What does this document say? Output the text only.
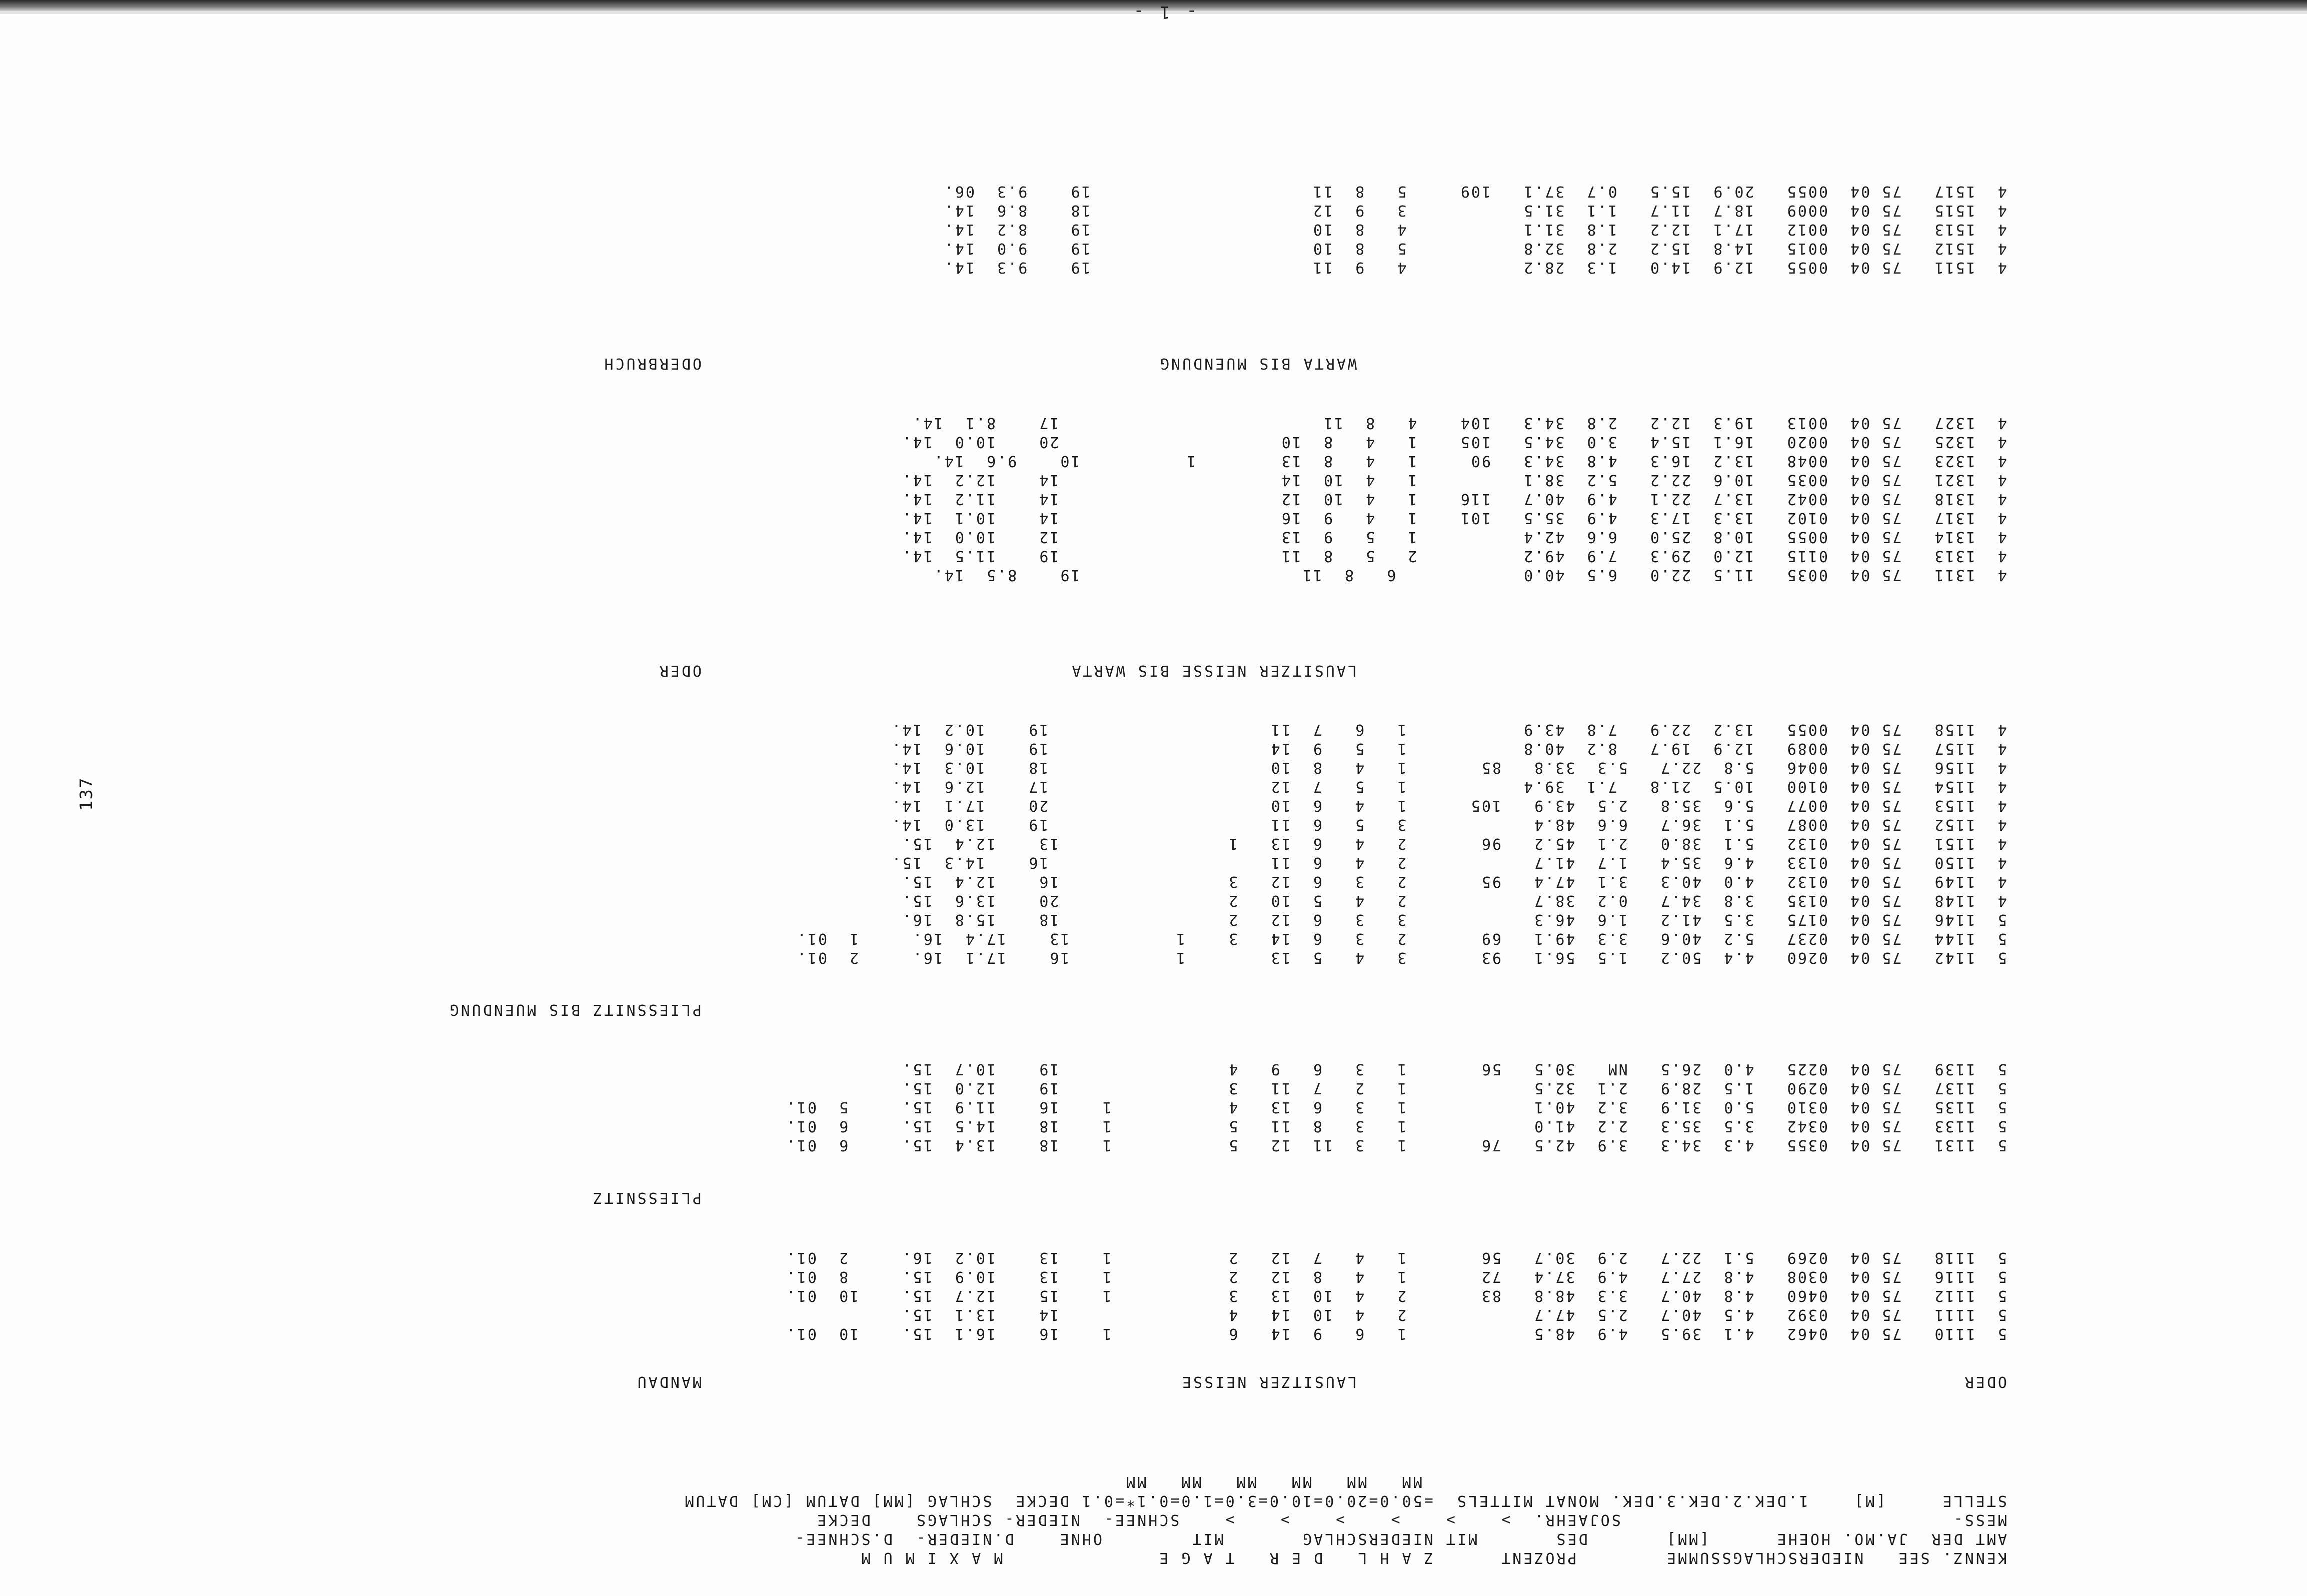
- 1 -
KENNZ. SEE   NIEDERSCHLAGSSUMME        PROZENT      Z A H L   D E R   T A G E              M A X I M U M
AMT DER  JA.MO. HOEHE      [MM]       DES       MIT NIEDERSCHLAG       MIT        OHNE    D.NIEDER-  D.SCHNEE-
MESS-                              SOJAEHR.  >    >    >    >    >    >    SCHNEE-  NIEDER- SCHLAGS    DECKE
STELLE     [M]    1.DEK.2.DEK.3.DEK. MONAT MITTELS  =50.0=20.0=10.0=3.0=1.0=0.1*=0.1 DECKE  SCHLAG [MM] DATUM [CM] DATUM
MM   MM   MM   MM   MM   MM
ODER
LAUSITZER NEISSE
MANDAU
5  1110   75 04  0462   4.1  39.5   4.9  48.5            1   6   9  14   6           1    16    16.1  15.    10  01.
5  1111   75 04  0392   4.5  40.7   2.5  47.7            2   4  10  14   4                14    13.1  15.
5  1112   75 04  0460   4.8  40.7   3.3  48.8   83       2   4  10  13   3           1    15    12.7  15.    10  01.
5  1116   75 04  0308   4.8  27.7   4.9  37.4   72       1   4   8  12   2           1    13    10.9  15.     8  01.
5  1118   75 04  0269   5.1  22.7   2.9  30.7   56       1   4   7  12   2           1    13    10.2  16.     2  01.
PLIESSNITZ
5  1131   75 04  0355   4.3  34.3   3.9  42.5   76       1   3  11  12   5           1    18    13.4  15.     6  01.
5  1133   75 04  0342   3.5  35.3   2.2  41.0            1   3   8  11   5           1    18    14.5  15.     6  01.
5  1135   75 04  0310   5.0  31.9   3.2  40.1            1   3   6  13   4           1    16    11.9  15.     5  01.
5  1137   75 04  0290   1.5  28.9   2.1  32.5            1   2   7  11   3                19    12.0  15.
5  1139   75 04  0225   4.0  26.5   NM   30.5   56       1   3   6   9   4                19    10.7  15.
PLIESSNITZ BIS MUENDUNG
5  1142   75 04  0260   4.4  50.2   1.5  56.1   93       3   4   5  13        1          16    17.1  16.     2  01.
5  1144   75 04  0237   5.2  40.6   3.3  49.1   69       2   3   6  14   3    1          13    17.4  16.     1  01.
5  1146   75 04  0175   3.5  41.2   1.6  46.3            3   3   6  12   2                18    15.8  16.
4  1148   75 04  0135   3.8  34.7   0.2  38.7            2   4   5  10   2                20    13.6  15.
4  1149   75 04  0132   4.0  40.3   3.1  47.4   95       2   3   6  12   3                16    12.4  15.
4  1150   75 04  0133   4.6  35.4   1.7  41.7            2   4   6  11                     16    14.3  15.
4  1151   75 04  0132   5.1  38.0   2.1  45.2   96       2   4   6  13   1                13    12.4  15.
4  1152   75 04  0087   5.1  36.7   6.6  48.4            3   5   6  11                     19    13.0  14.
4  1153   75 04  0077   5.6  35.8   2.5  43.9   105      1   4   6  10                     20    17.1  14.
4  1154   75 04  0100   10.5  21.8   7.1  39.4           1   5   7  12                     17    12.6  14.
4  1156   75 04  0046   5.8  22.7   5.3  33.8   85       1   4   8  10                     18    10.3  14.
4  1157   75 04  0089   12.9  19.7   8.2  40.8           1   5   9  14                     19    10.6  14.
4  1158   75 04  0055   13.2  22.9   7.8  43.9           1   6   7  11                     19    10.2  14.
LAUSITZER NEISSE BIS WARTA
ODER
4  1311   75 04  0035   11.5  22.0   6.5  40.0            6   8  11                     19    8.5  14.
4  1313   75 04  0115   12.0  29.3   7.9  49.2          2   5   8  11                     19    11.5  14.
4  1314   75 04  0055   10.8  25.0   6.6  42.4          1   5   9  13                     12    10.0  14.
4  1317   75 04  0102   13.3  17.3   4.9  35.5   101    1   4   9  16                     14    10.1  14.
4  1318   75 04  0042   13.7  22.1   4.9  40.7   116    1   4  10  12                     14    11.2  14.
4  1321   75 04  0035   10.6  22.2   5.2  38.1          1   4  10  14                     14    12.2  14.
4  1323   75 04  0048   13.2  16.3   4.8  34.3   90     1   4   8  13        1          10    9.6  14.
4  1325   75 04  0020   16.1  15.4   3.0  34.5   105    1   4   8  10                     20    10.0  14.
4  1327   75 04  0013   19.3  12.2   2.8  34.3   104    4   8  11                         17    8.1  14.
WARTA BIS MUENDUNG
ODERBRUCH
4  1511   75 04  0055   12.9  14.0   1.3  28.2           4   9  11                     19    9.3  14.
4  1512   75 04  0015   14.8  15.2   2.8  32.8           5   8  10                     19    9.0  14.
4  1513   75 04  0012   17.1  12.2   1.8  31.1           4   8  10                     19    8.2  14.
4  1515   75 04  0009   18.7  11.7   1.1  31.5           3   9  12                     18    8.6  14.
4  1517   75 04  0055   20.9  15.5   0.7  37.1   109     5   8  11                     19    9.3  06.
137
